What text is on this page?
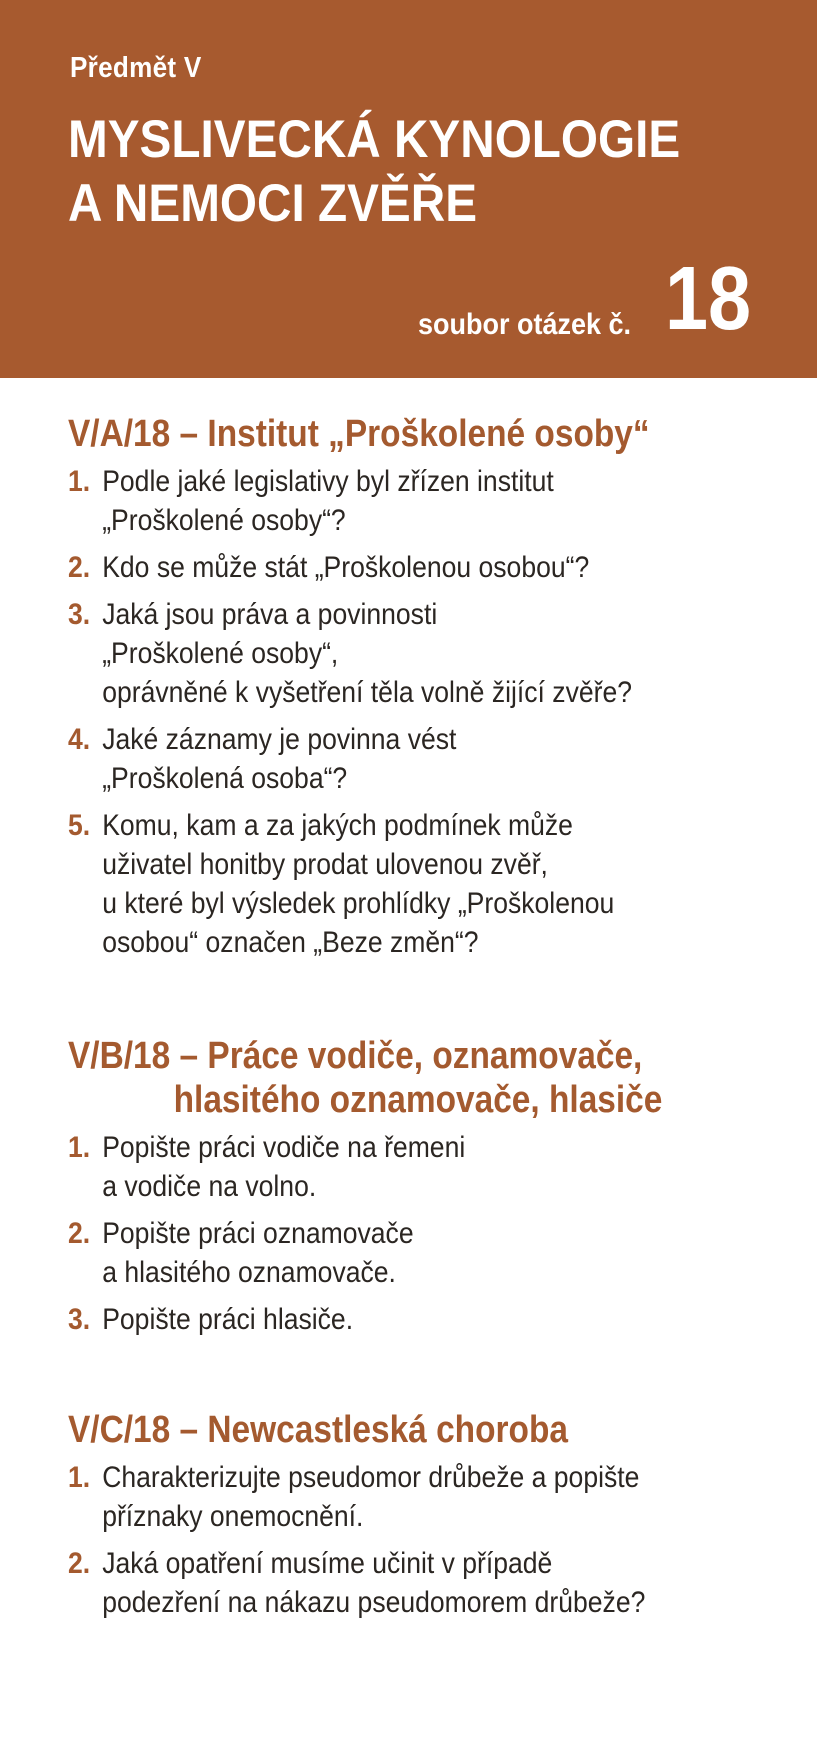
Předmět V
MYSLIVECKÁ KYNOLOGIE
A NEMOCI ZVĚŘE
soubor otázek č. 18
V/A/18 – Institut „Proškolené osoby“
1. Podle jaké legislativy byl zřízen institut
„Proškolené osoby“?
2. Kdo se může stát „Proškolenou osobou“?
3. Jaká jsou práva a povinnosti
„Proškolené osoby“,
oprávněné k vyšetření těla volně žijící zvěře?
4. Jaké záznamy je povinna vést
„Proškolená osoba“?
5. Komu, kam a za jakých podmínek může
uživatel honitby prodat ulovenou zvěř,
u které byl výsledek prohlídky „Proškolenou
osobou“ označen „Beze změn“?
V/B/18 – Práce vodiče, oznamovače,
hlasitého oznamovače, hlasiče
1. Popište práci vodiče na řemeni
a vodiče na volno.
2. Popište práci oznamovače
a hlasitého oznamovače.
3. Popište práci hlasiče.
V/C/18 – Newcastleská choroba
1. Charakterizujte pseudomor drůbeže a popište
příznaky onemocnění.
2. Jaká opatření musíme učinit v případě
podezření na nákazu pseudomorem drůbeže?
